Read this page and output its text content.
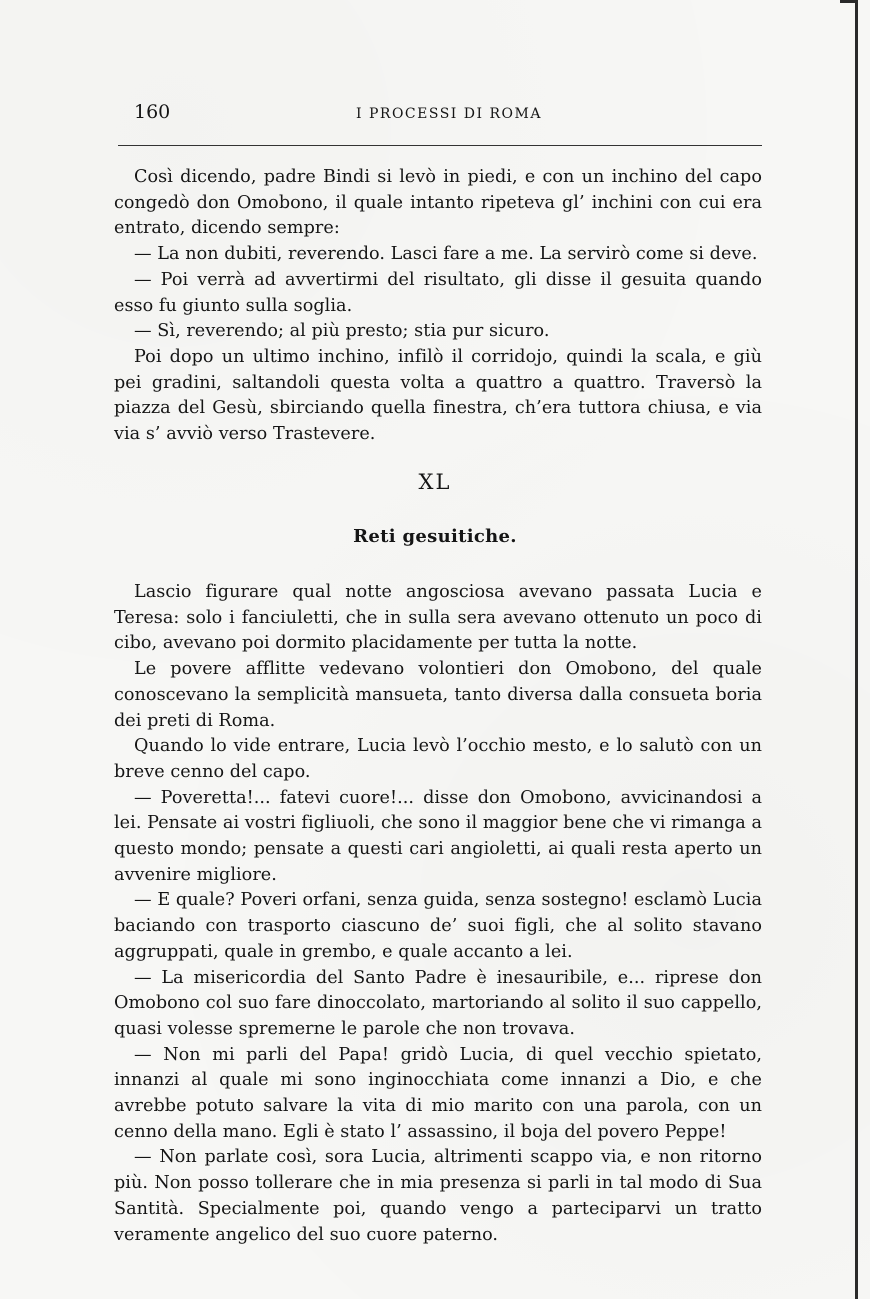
160	I PROCESSI DI ROMA

Così dicendo, padre Bindi si levò in piedi, e con un inchino del capo congedò don Omobono, il quale intanto ripeteva gl’ inchini con cui era entrato, dicendo sempre:

— La non dubiti, reverendo. Lasci fare a me. La servirò come si deve.

— Poi verrà ad avvertirmi del risultato, gli disse il gesuita quando esso fu giunto sulla soglia.

— Sì, reverendo; al più presto; stia pur sicuro.

Poi dopo un ultimo inchino, infilò il corridojo, quindi la scala, e giù pei gradini, saltandoli questa volta a quattro a quattro. Traversò la piazza del Gesù, sbirciando quella finestra, ch’era tuttora chiusa, e via via s’ avviò verso Trastevere.

XL
Reti gesuitiche.

Lascio figurare qual notte angosciosa avevano passata Lucia e Teresa: solo i fanciuletti, che in sulla sera avevano ottenuto un poco di cibo, avevano poi dormito placidamente per tutta la notte.

Le povere afflitte vedevano volontieri don Omobono, del quale conoscevano la semplicità mansueta, tanto diversa dalla consueta boria dei preti di Roma.

Quando lo vide entrare, Lucia levò l’occhio mesto, e lo salutò con un breve cenno del capo.

— Poveretta!... fatevi cuore!... disse don Omobono, avvicinandosi a lei. Pensate ai vostri figliuoli, che sono il maggior bene che vi rimanga a questo mondo; pensate a questi cari angioletti, ai quali resta aperto un avvenire migliore.

— E quale? Poveri orfani, senza guida, senza sostegno! esclamò Lucia baciando con trasporto ciascuno de’ suoi figli, che al solito stavano aggruppati, quale in grembo, e quale accanto a lei.

— La misericordia del Santo Padre è inesauribile, e... riprese don Omobono col suo fare dinoccolato, martoriando al solito il suo cappello, quasi volesse spremerne le parole che non trovava.

— Non mi parli del Papa! gridò Lucia, di quel vecchio spietato, innanzi al quale mi sono inginocchiata come innanzi a Dio, e che avrebbe potuto salvare la vita di mio marito con una parola, con un cenno della mano. Egli è stato l’ assassino, il boja del povero Peppe!

— Non parlate così, sora Lucia, altrimenti scappo via, e non ritorno più. Non posso tollerare che in mia presenza si parli in tal modo di Sua Santità. Specialmente poi, quando vengo a parteciparvi un tratto veramente angelico del suo cuore paterno.
